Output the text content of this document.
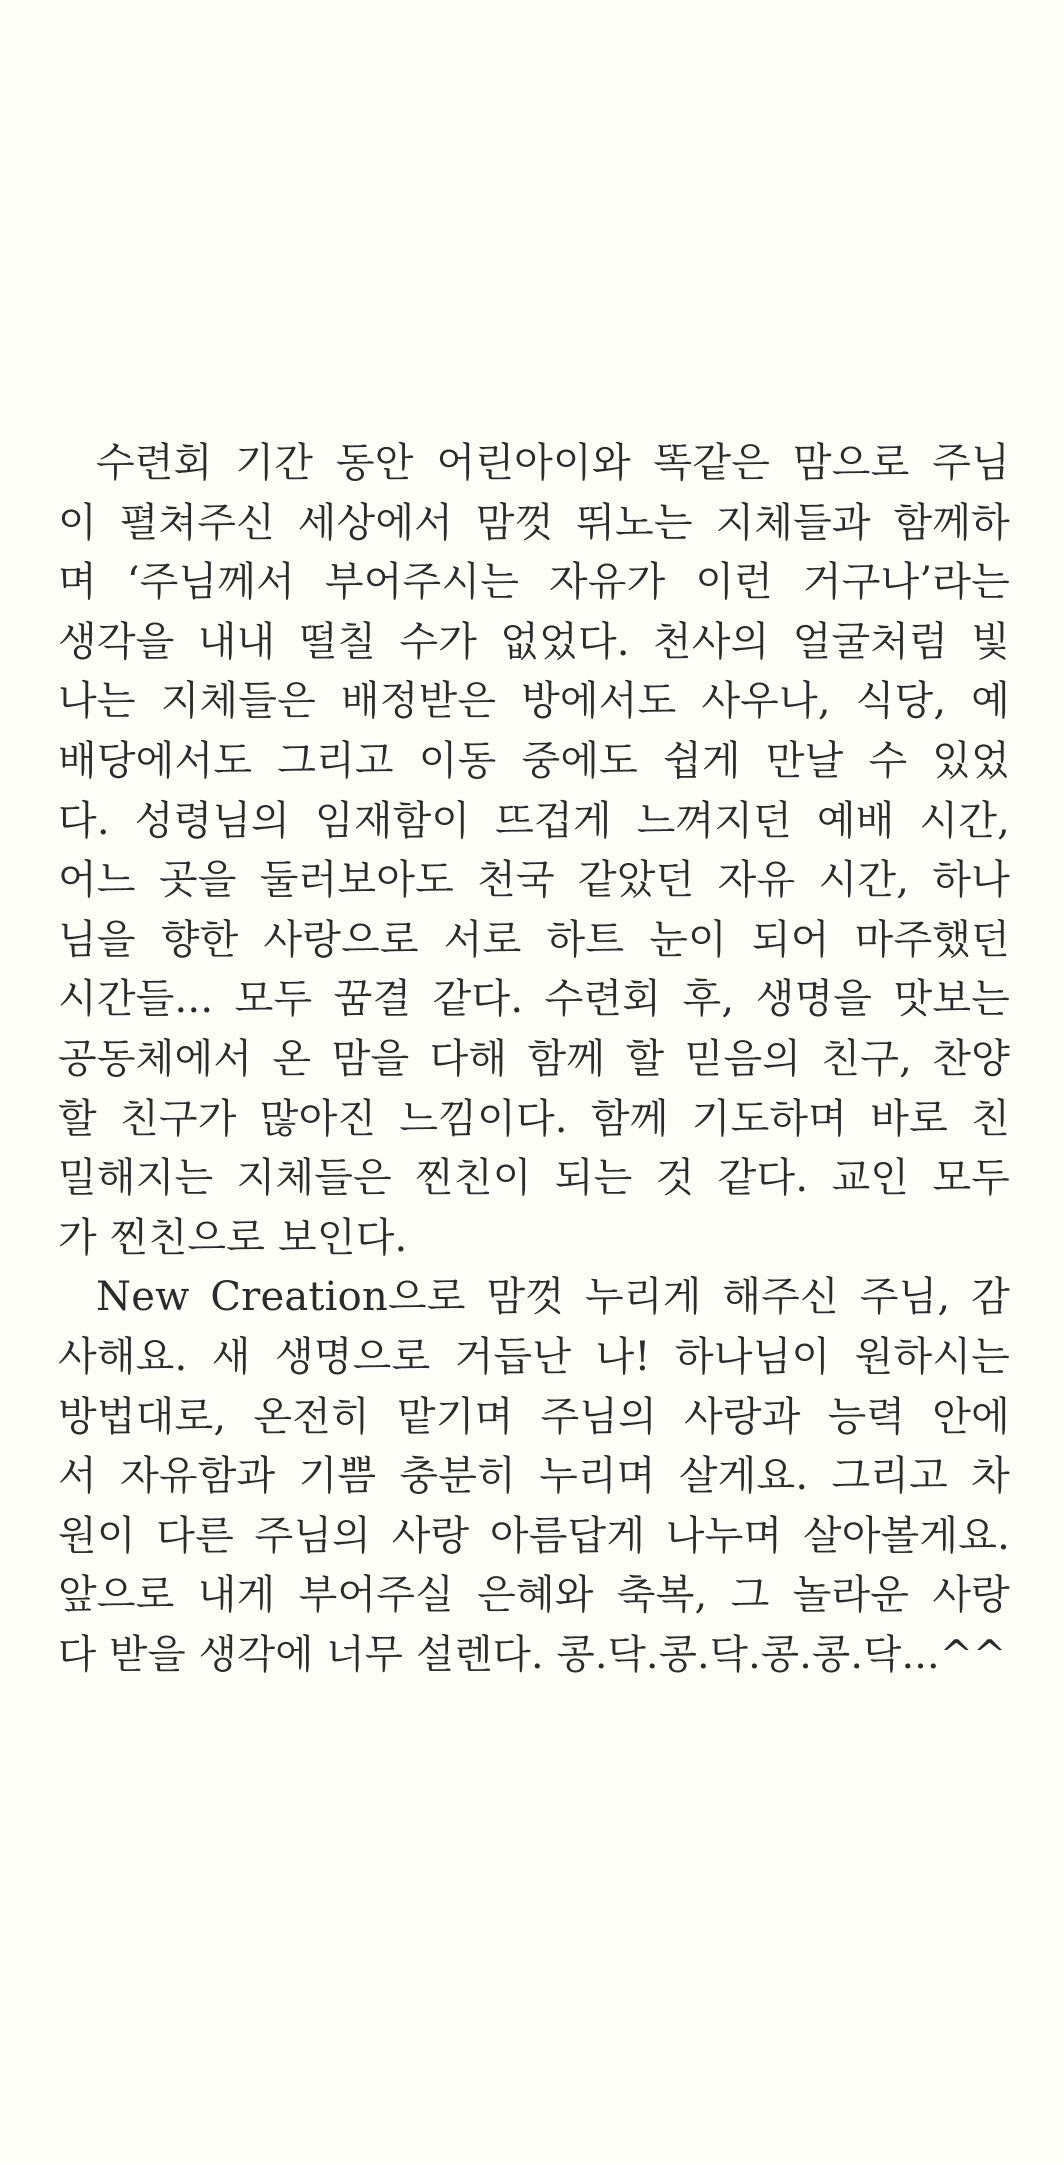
수련회 기간 동안 어린아이와 똑같은 맘으로 주님
이 펼쳐주신 세상에서 맘껏 뛰노는 지체들과 함께하
며 ‘주님께서 부어주시는 자유가 이런 거구나’라는
생각을 내내 떨칠 수가 없었다. 천사의 얼굴처럼 빛
나는 지체들은 배정받은 방에서도 사우나, 식당, 예
배당에서도 그리고 이동 중에도 쉽게 만날 수 있었
다. 성령님의 임재함이 뜨겁게 느껴지던 예배 시간,
어느 곳을 둘러보아도 천국 같았던 자유 시간, 하나
님을 향한 사랑으로 서로 하트 눈이 되어 마주했던
시간들... 모두 꿈결 같다. 수련회 후, 생명을 맛보는
공동체에서 온 맘을 다해 함께 할 믿음의 친구, 찬양
할 친구가 많아진 느낌이다. 함께 기도하며 바로 친
밀해지는 지체들은 찐친이 되는 것 같다. 교인 모두
가 찐친으로 보인다.
New Creation으로 맘껏 누리게 해주신 주님, 감
사해요. 새 생명으로 거듭난 나! 하나님이 원하시는
방법대로, 온전히 맡기며 주님의 사랑과 능력 안에
서 자유함과 기쁨 충분히 누리며 살게요. 그리고 차
원이 다른 주님의 사랑 아름답게 나누며 살아볼게요.
앞으로 내게 부어주실 은혜와 축복, 그 놀라운 사랑
다 받을 생각에 너무 설렌다. 콩.닥.콩.닥.콩.콩.닥...^^
